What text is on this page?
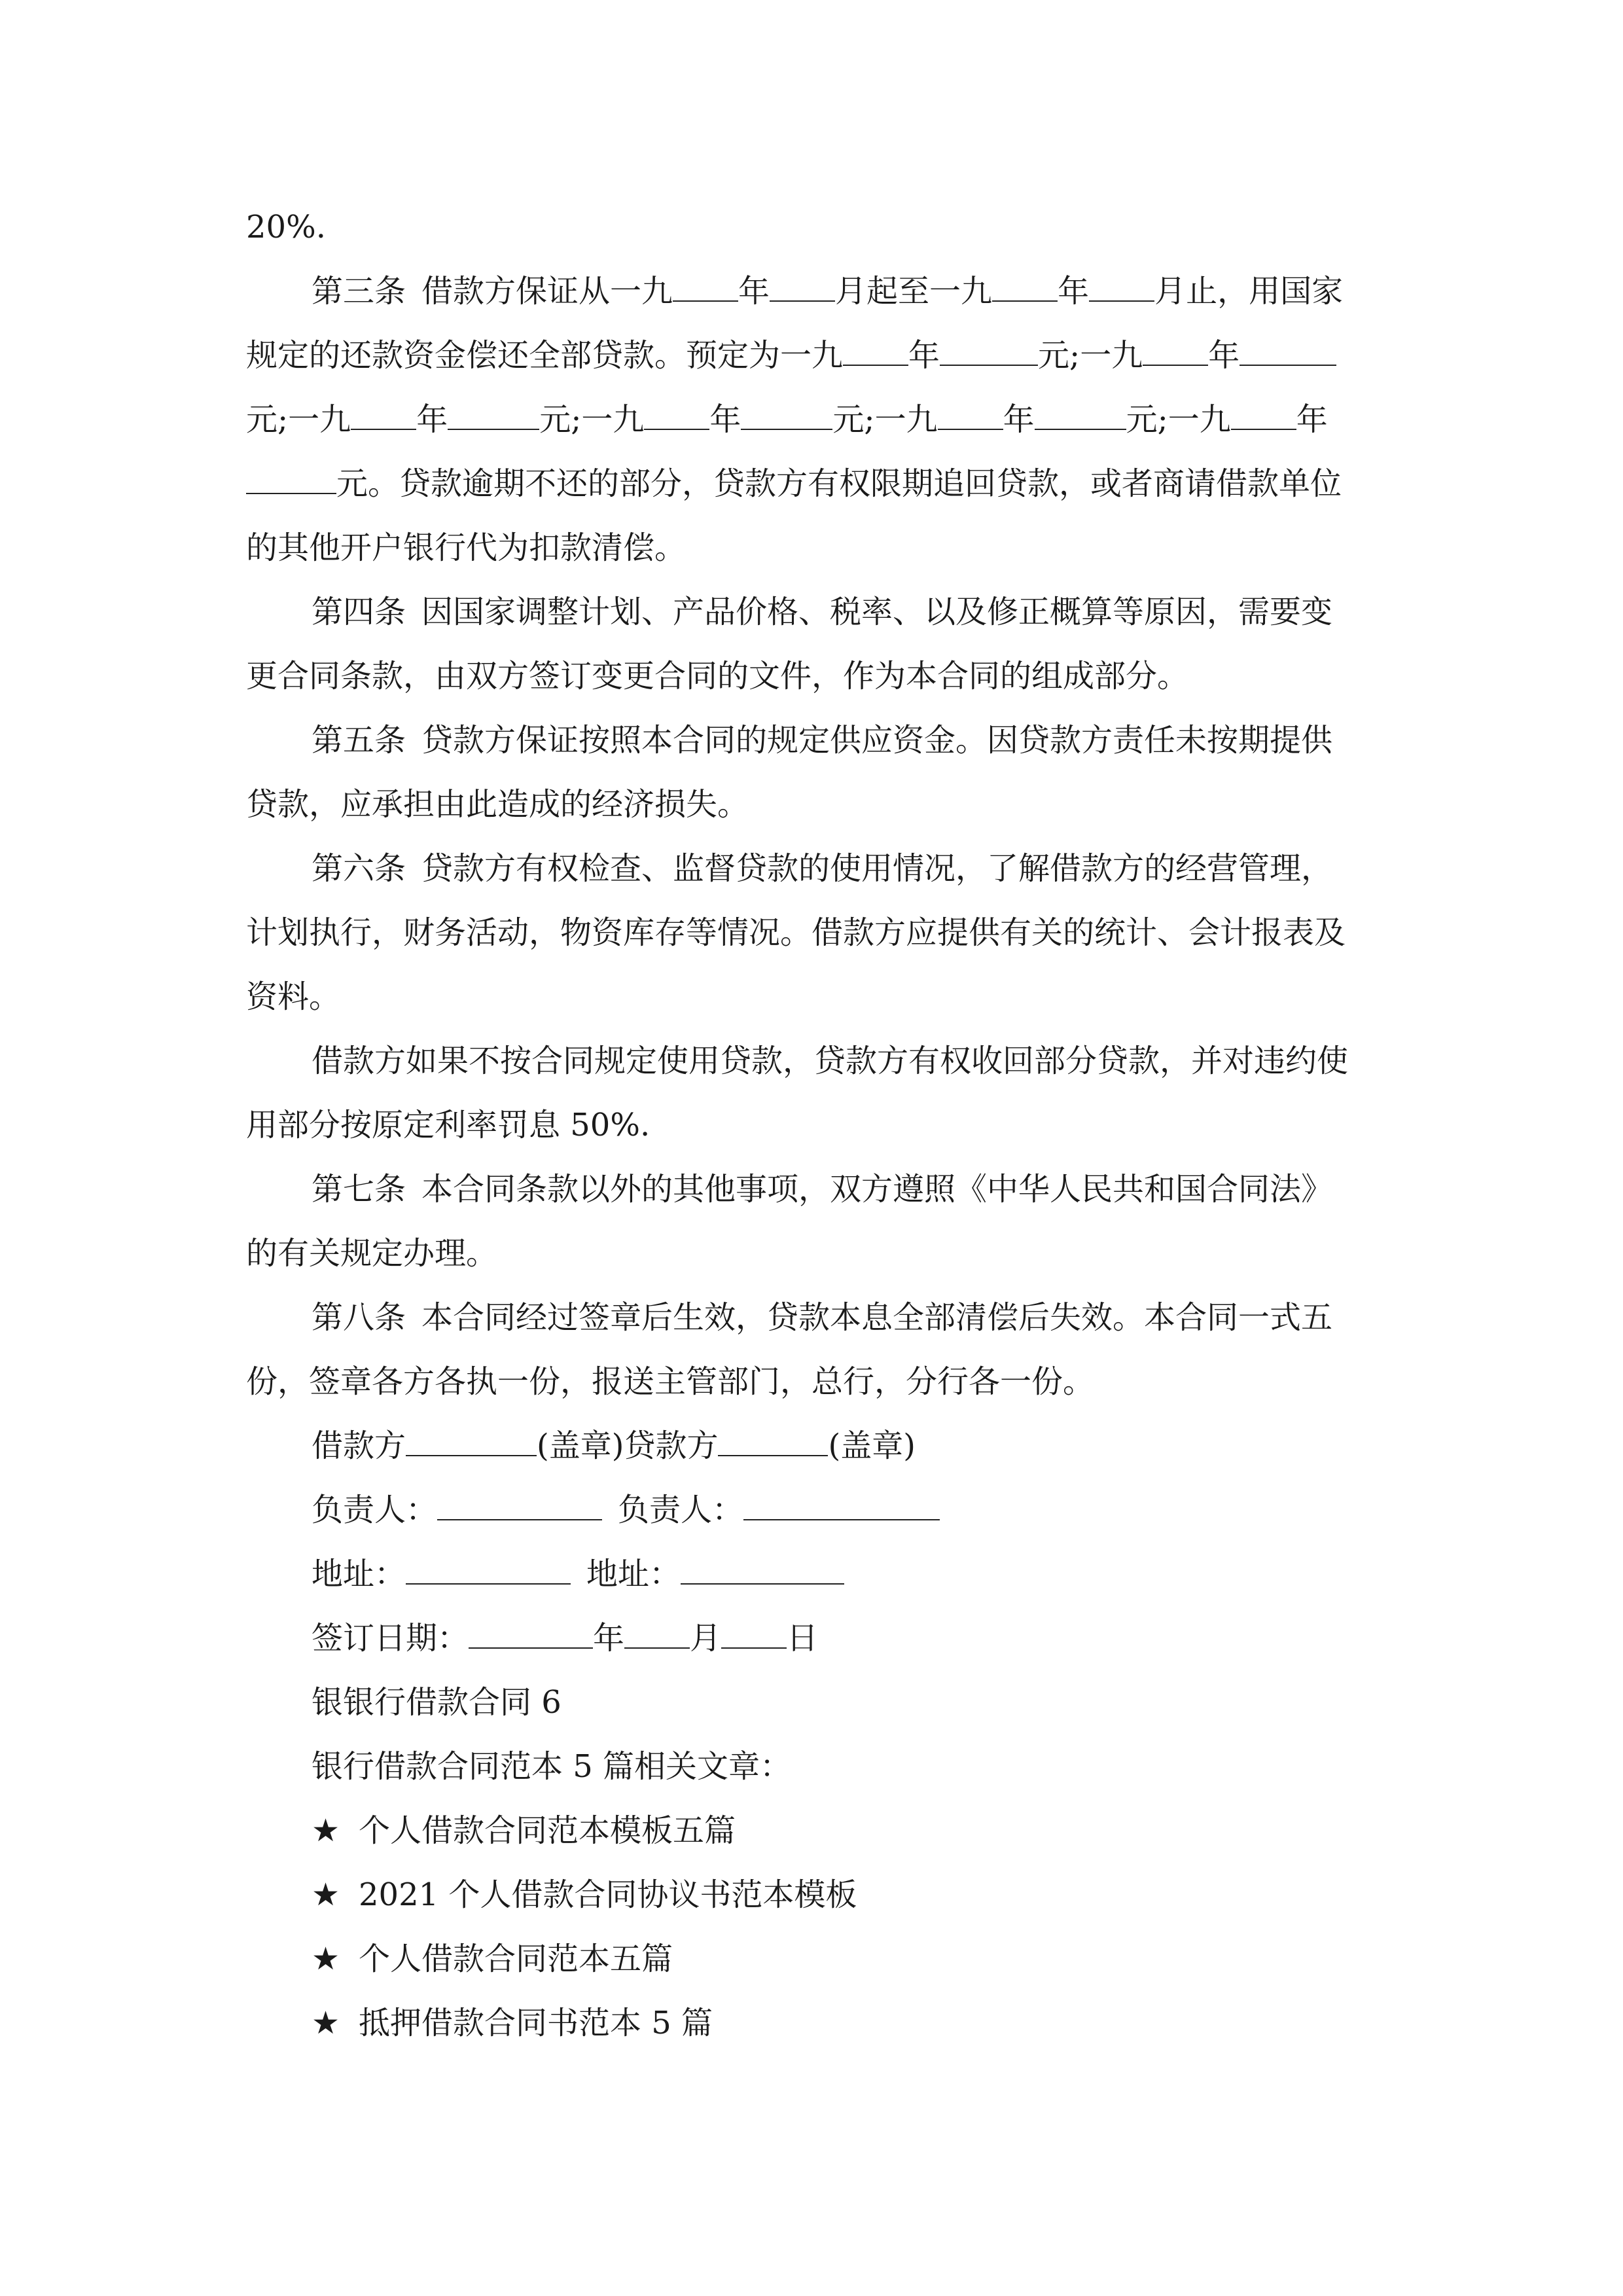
20%.
第三条 借款方保证从一九 年 月起至一九 年 月止，用国家
规定的还款资金偿还全部贷款。预定为一九 年	元;一九 年
元;一九 年	元;一九 年	元;一九 年	元;一九 年
元。贷款逾期不还的部分，贷款方有权限期追回贷款，或者商请借款单位
的其他开户银行代为扣款清偿。
第四条 因国家调整计划、产品价格、税率、以及修正概算等原因，需要变
更合同条款，由双方签订变更合同的文件，作为本合同的组成部分。
第五条 贷款方保证按照本合同的规定供应资金。因贷款方责任未按期提供
贷款，应承担由此造成的经济损失。
第六条 贷款方有权检查、监督贷款的使用情况，了解借款方的经营管理，
计划执行，财务活动，物资库存等情况。借款方应提供有关的统计、会计报表及
资料。
借款方如果不按合同规定使用贷款，贷款方有权收回部分贷款，并对违约使
用部分按原定利率罚息 50%.
第七条 本合同条款以外的其他事项，双方遵照《中华人民共和国合同法》
的有关规定办理。
第八条 本合同经过签章后生效，贷款本息全部清偿后失效。本合同一式五
份，签章各方各执一份，报送主管部门，总行，分行各一份。
借款方	(盖章)贷款方	(盖章)
负责人：	负责人：
地址：	地址：
签订日期：	年 月 日
银银行借款合同 6
银行借款合同范本 5 篇相关文章：
★ 个人借款合同范本模板五篇
★ 2021 个人借款合同协议书范本模板
★ 个人借款合同范本五篇
★ 抵押借款合同书范本 5 篇
